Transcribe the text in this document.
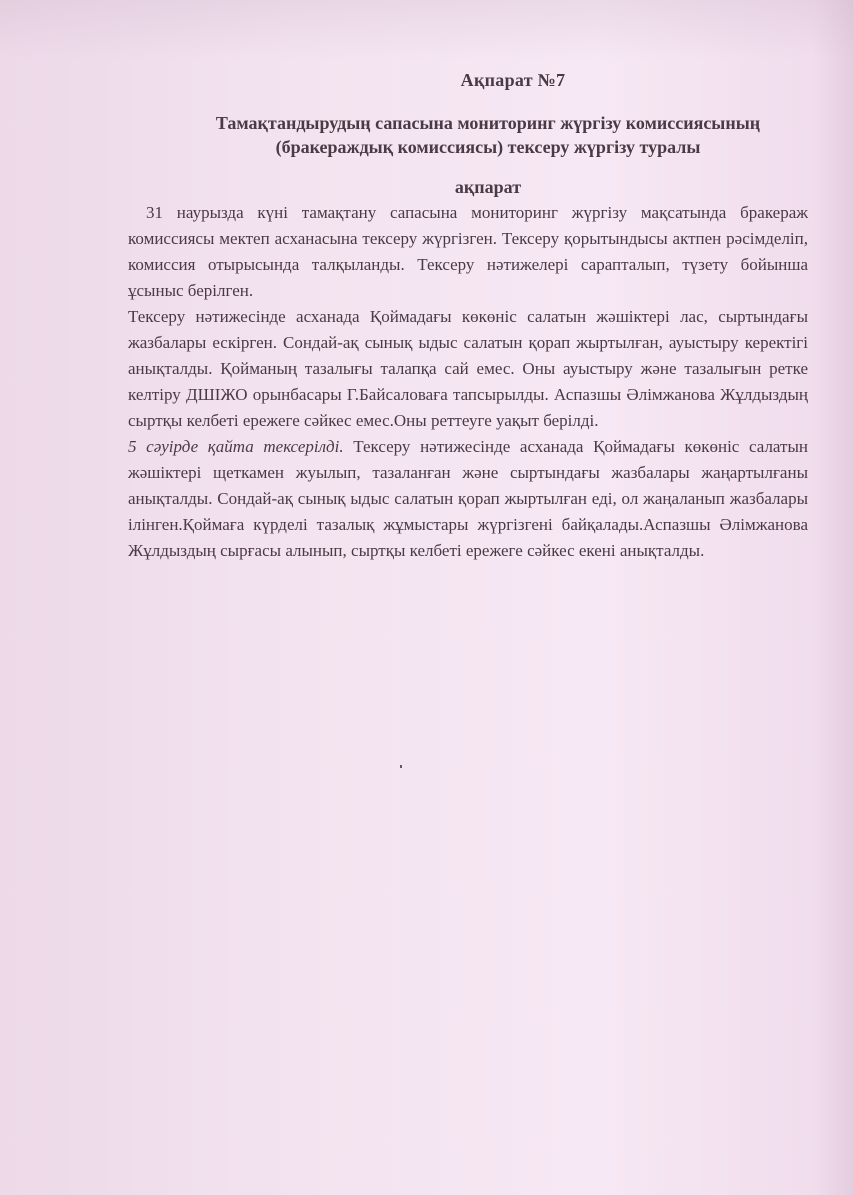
Ақпарат №7
Тамақтандырудың сапасына мониторинг жүргізу комиссиясының
(бракераждық комиссиясы) тексеру жүргізу туралы
ақпарат

31 наурызда күні тамақтану сапасына мониторинг жүргізу мақсатында бракераж комиссиясы мектеп асханасына тексеру жүргізген. Тексеру қорытындысы актпен рәсімделіп, комиссия отырысында талқыланды. Тексеру нәтижелері сарапталып, түзету бойынша ұсыныс берілген.

Тексеру нәтижесінде асханада Қоймадағы көкөніс салатын жәшіктері лас, сыртындағы жазбалары ескірген. Сондай-ақ сынық ыдыс салатын қорап жыртылған, ауыстыру керектігі анықталды. Қойманың тазалығы талапқа сай емес. Оны ауыстыру және тазалығын ретке келтіру ДШІЖО орынбасары Г.Байсаловаға тапсырылды. Аспазшы Әлімжанова Жұлдыздың сыртқы келбеті ережеге сәйкес емес.Оны реттеуге уақыт берілді.

5 сәуірде қайта тексерілді. Тексеру нәтижесінде асханада Қоймадағы көкөніс салатын жәшіктері щеткамен жуылып, тазаланған және сыртындағы жазбалары жаңартылғаны анықталды. Сондай-ақ сынық ыдыс салатын қорап жыртылған еді, ол жаңаланып жазбалары ілінген.Қоймаға күрделі тазалық жұмыстары жүргізгені байқалады.Аспазшы Әлімжанова Жұлдыздың сырғасы алынып, сыртқы келбеті ережеге сәйкес екені анықталды.
